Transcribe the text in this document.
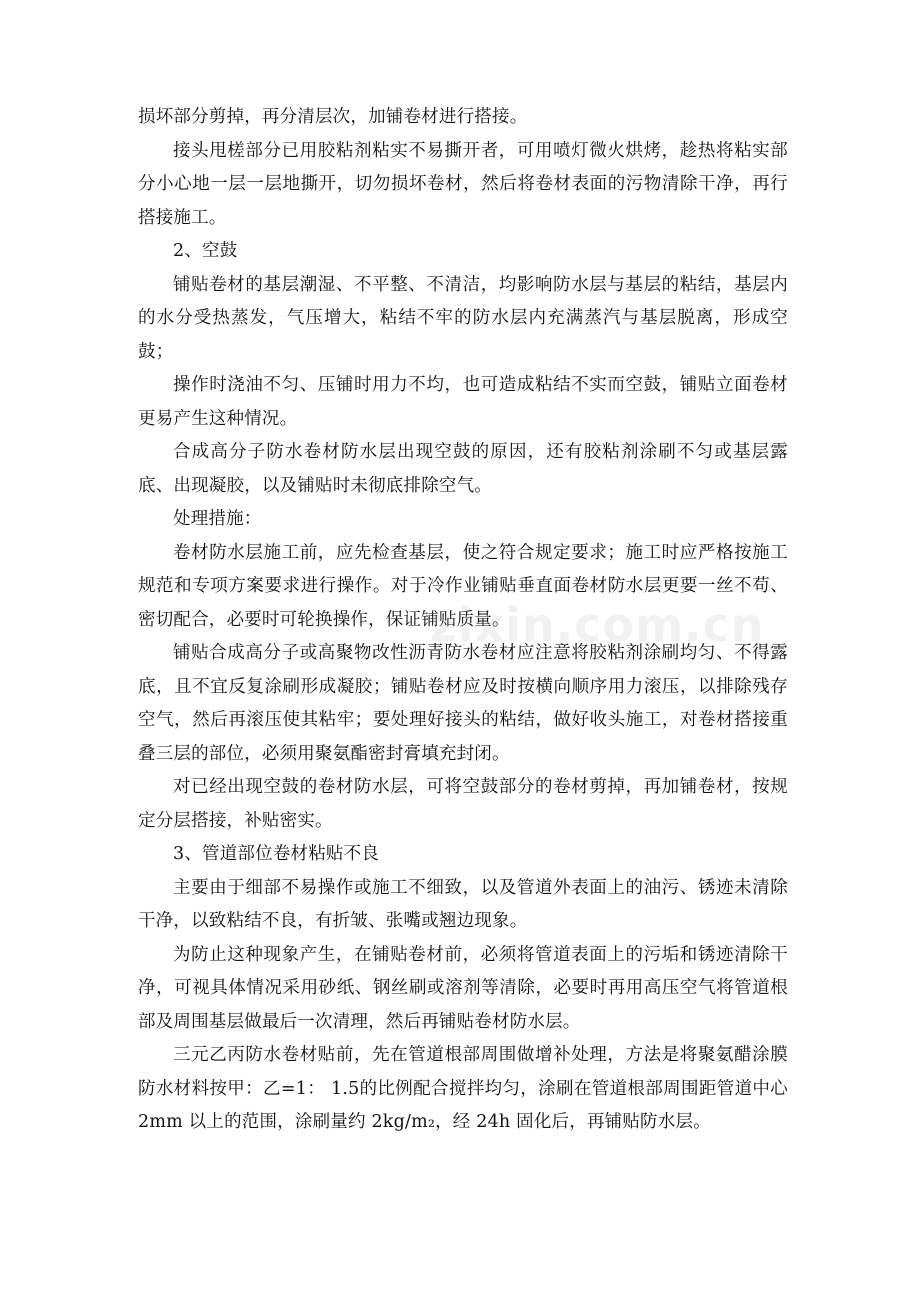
损坏部分剪掉，再分清层次，加铺卷材进行搭接。

接头甩槎部分已用胶粘剂粘实不易撕开者，可用喷灯微火烘烤，趁热将粘实部分小心地一层一层地撕开，切勿损坏卷材，然后将卷材表面的污物清除干净，再行搭接施工。

2、空鼓

铺贴卷材的基层潮湿、不平整、不清洁，均影响防水层与基层的粘结，基层内的水分受热蒸发，气压增大，粘结不牢的防水层内充满蒸汽与基层脱离，形成空鼓；

操作时浇油不匀、压铺时用力不均，也可造成粘结不实而空鼓，铺贴立面卷材更易产生这种情况。

合成高分子防水卷材防水层出现空鼓的原因，还有胶粘剂涂刷不匀或基层露底、出现凝胶，以及铺贴时未彻底排除空气。

处理措施：

卷材防水层施工前，应先检查基层，使之符合规定要求；施工时应严格按施工规范和专项方案要求进行操作。对于冷作业铺贴垂直面卷材防水层更要一丝不苟、密切配合，必要时可轮换操作，保证铺贴质量。

铺贴合成高分子或高聚物改性沥青防水卷材应注意将胶粘剂涂刷均匀、不得露底，且不宜反复涂刷形成凝胶；铺贴卷材应及时按横向顺序用力滚压，以排除残存空气，然后再滚压使其粘牢；要处理好接头的粘结，做好收头施工，对卷材搭接重叠三层的部位，必须用聚氨酯密封膏填充封闭。

对已经出现空鼓的卷材防水层，可将空鼓部分的卷材剪掉，再加铺卷材，按规定分层搭接，补贴密实。

3、管道部位卷材粘贴不良

主要由于细部不易操作或施工不细致，以及管道外表面上的油污、锈迹未清除干净，以致粘结不良，有折皱、张嘴或翘边现象。

为防止这种现象产生，在铺贴卷材前，必须将管道表面上的污垢和锈迹清除干净，可视具体情况采用砂纸、钢丝刷或溶剂等清除，必要时再用高压空气将管道根部及周围基层做最后一次清理，然后再铺贴卷材防水层。

三元乙丙防水卷材贴前，先在管道根部周围做增补处理，方法是将聚氨醋涂膜防水材料按甲：乙=1： 1.5的比例配合搅拌均匀，涂刷在管道根部周围距管道中心 2mm 以上的范围，涂刷量约 2kg/m₂，经 24h 固化后，再铺贴防水层。

zixin.com.cn
